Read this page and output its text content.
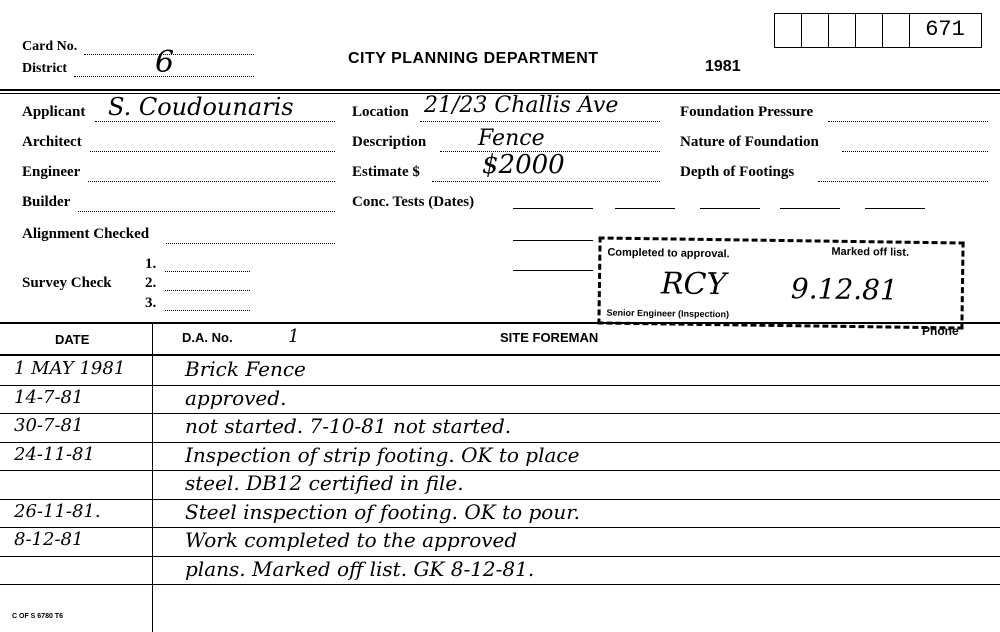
671
Card No.
District	6	CITY PLANNING DEPARTMENT	1981
Applicant S. Coudounaris
Architect
Engineer
Builder
Alignment Checked
Survey Check
1.
2.
3.
Location 21/23 Challis Ave
Description Fence
Estimate $ $2000
Conc. Tests (Dates)
Foundation Pressure
Nature of Foundation
Depth of Footings
Completed to approval.	Marked off list.
RCY 9.12.81
Senior Engineer (Inspection)
DATE	D.A. No.	1	SITE FOREMAN	Phone
1 MAY 1981	Brick Fence
14-7-81	approved.
30-7-81	not started. 7-10-81 not started.
24-11-81	Inspection of strip footing. OK to place
steel. DB12 certified in file.
26-11-81.	Steel inspection of footing. OK to pour.
8-12-81	Work completed to the approved
plans. Marked off list. GK 8-12-81.
C OF S 6780 T6
